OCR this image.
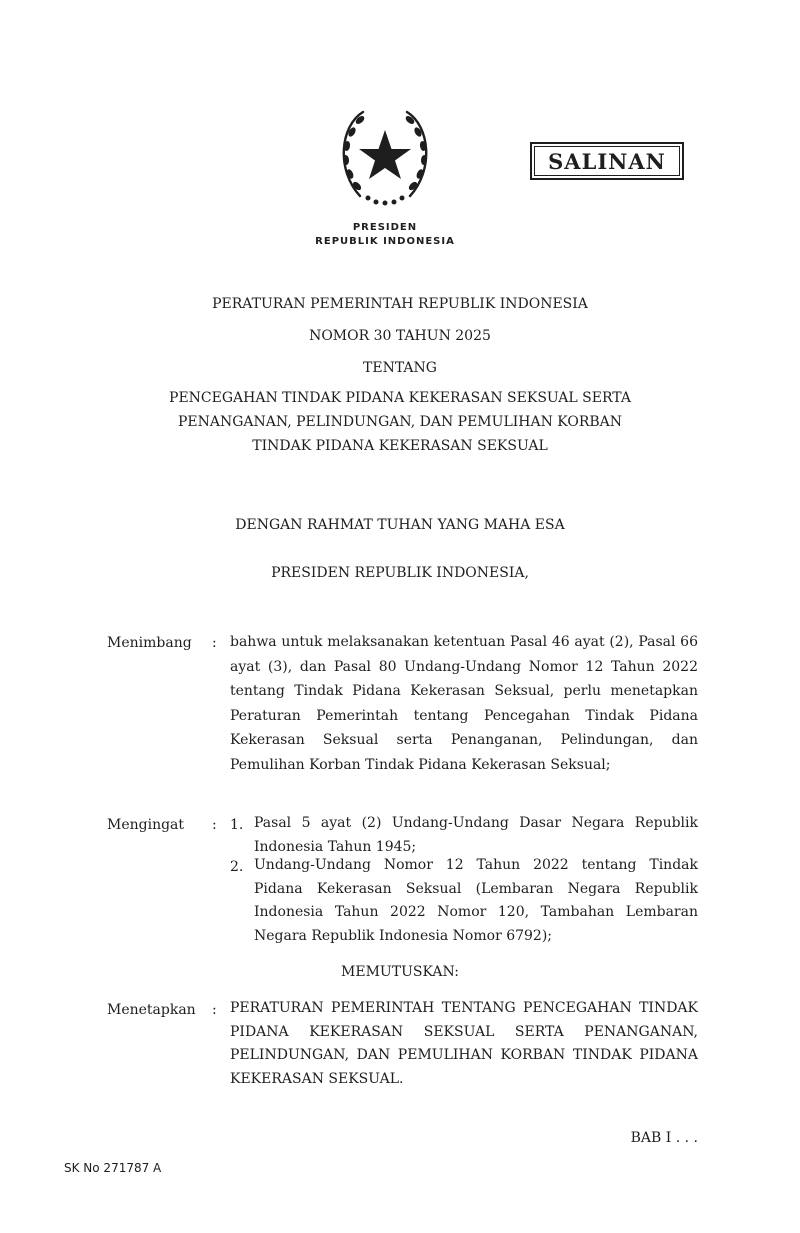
PRESIDEN
REPUBLIK INDONESIA
SALINAN
PERATURAN PEMERINTAH REPUBLIK INDONESIA
NOMOR 30 TAHUN 2025
TENTANG
PENCEGAHAN TINDAK PIDANA KEKERASAN SEKSUAL SERTA
PENANGANAN, PELINDUNGAN, DAN PEMULIHAN KORBAN
TINDAK PIDANA KEKERASAN SEKSUAL
DENGAN RAHMAT TUHAN YANG MAHA ESA
PRESIDEN REPUBLIK INDONESIA,
Menimbang : bahwa untuk melaksanakan ketentuan Pasal 46 ayat (2), Pasal 66 ayat (3), dan Pasal 80 Undang-Undang Nomor 12 Tahun 2022 tentang Tindak Pidana Kekerasan Seksual, perlu menetapkan Peraturan Pemerintah tentang Pencegahan Tindak Pidana Kekerasan Seksual serta Penanganan, Pelindungan, dan Pemulihan Korban Tindak Pidana Kekerasan Seksual;
Mengingat : 1. Pasal 5 ayat (2) Undang-Undang Dasar Negara Republik Indonesia Tahun 1945;
2. Undang-Undang Nomor 12 Tahun 2022 tentang Tindak Pidana Kekerasan Seksual (Lembaran Negara Republik Indonesia Tahun 2022 Nomor 120, Tambahan Lembaran Negara Republik Indonesia Nomor 6792);
MEMUTUSKAN:
Menetapkan : PERATURAN PEMERINTAH TENTANG PENCEGAHAN TINDAK PIDANA KEKERASAN SEKSUAL SERTA PENANGANAN, PELINDUNGAN, DAN PEMULIHAN KORBAN TINDAK PIDANA KEKERASAN SEKSUAL.
BAB I . . .
SK No 271787 A
